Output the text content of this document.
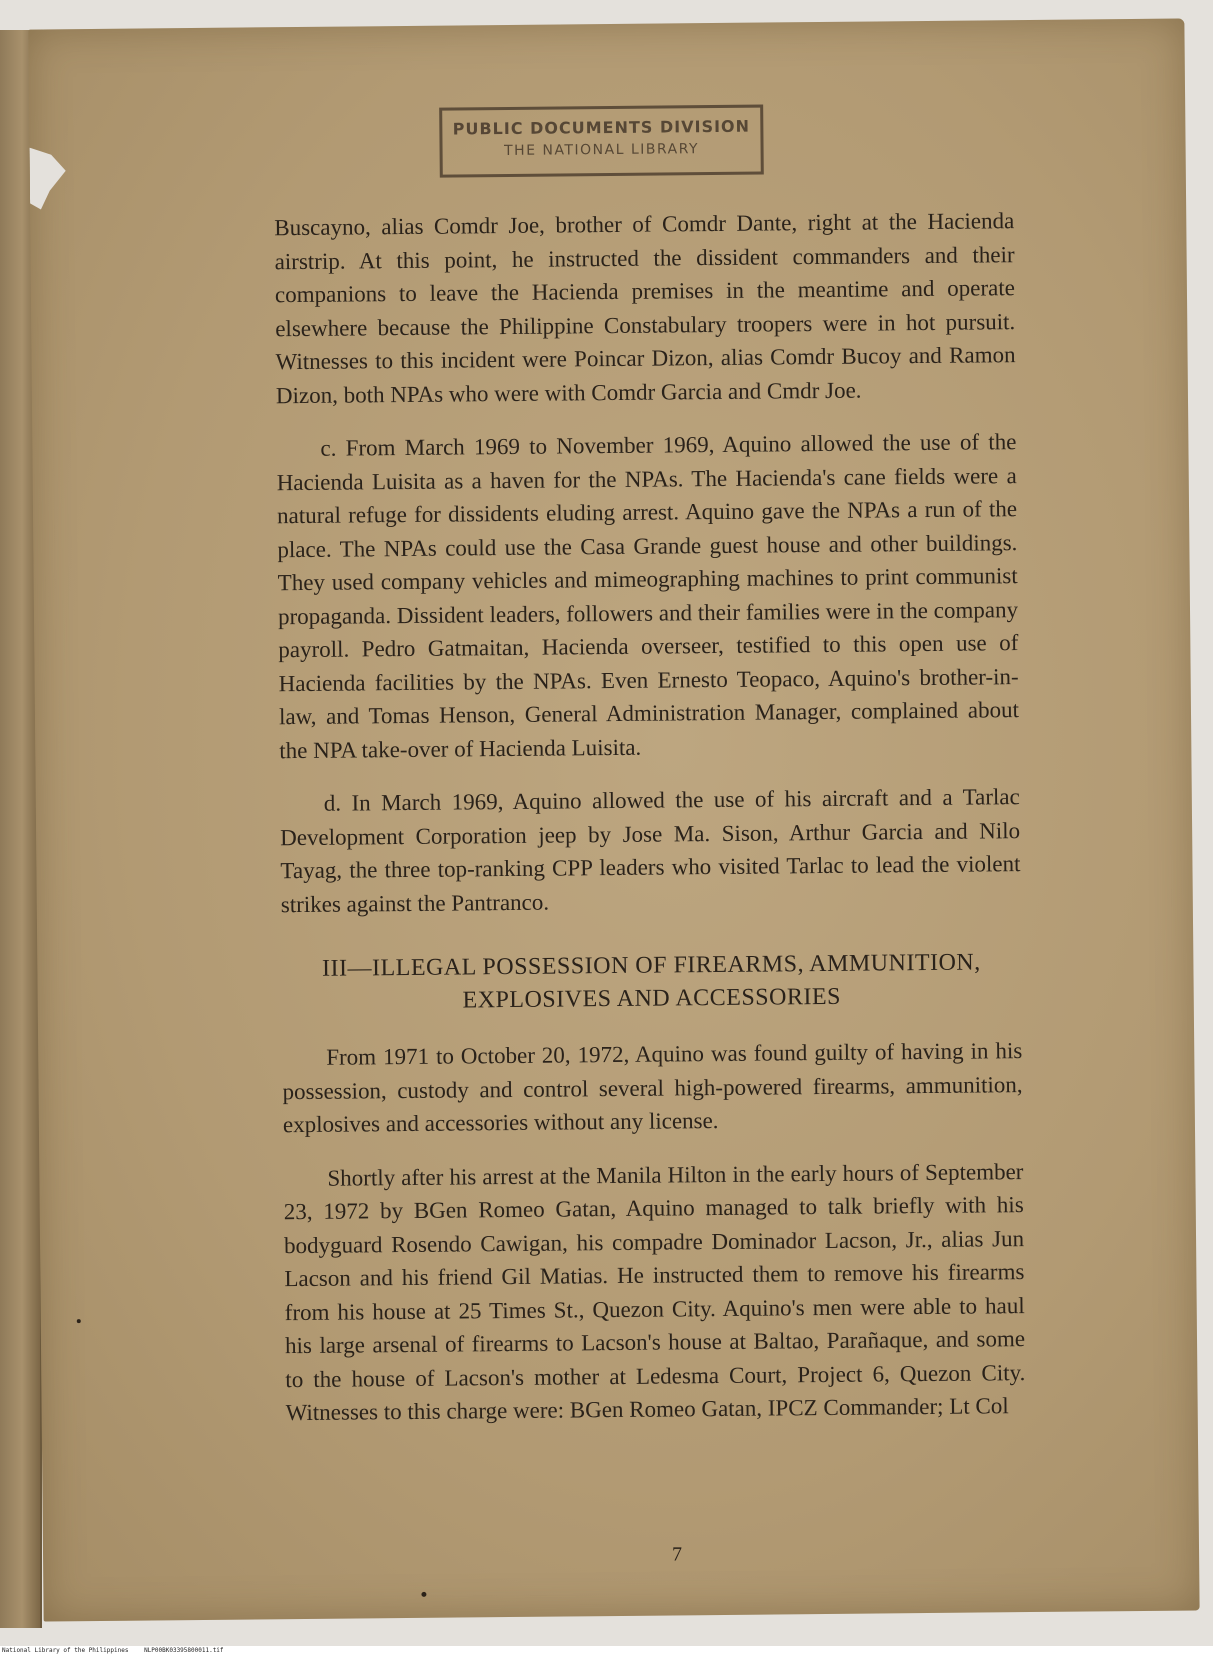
PUBLIC DOCUMENTS DIVISION
THE NATIONAL LIBRARY

Buscayno, alias Comdr Joe, brother of Comdr Dante, right at the Hacienda airstrip. At this point, he instructed the dissident commanders and their companions to leave the Hacienda premises in the meantime and operate elsewhere because the Philippine Constabulary troopers were in hot pursuit. Witnesses to this incident were Poincar Dizon, alias Comdr Bucoy and Ramon Dizon, both NPAs who were with Comdr Garcia and Cmdr Joe.

c. From March 1969 to November 1969, Aquino allowed the use of the Hacienda Luisita as a haven for the NPAs. The Hacienda's cane fields were a natural refuge for dissidents eluding arrest. Aquino gave the NPAs a run of the place. The NPAs could use the Casa Grande guest house and other buildings. They used company vehicles and mimeographing machines to print communist propaganda. Dissident leaders, followers and their families were in the company payroll. Pedro Gatmaitan, Hacienda overseer, testified to this open use of Hacienda facilities by the NPAs. Even Ernesto Teopaco, Aquino's brother-in-law, and Tomas Henson, General Administration Manager, complained about the NPA take-over of Hacienda Luisita.

d. In March 1969, Aquino allowed the use of his aircraft and a Tarlac Development Corporation jeep by Jose Ma. Sison, Arthur Garcia and Nilo Tayag, the three top-ranking CPP leaders who visited Tarlac to lead the violent strikes against the Pantranco.

III—ILLEGAL POSSESSION OF FIREARMS, AMMUNITION, EXPLOSIVES AND ACCESSORIES

From 1971 to October 20, 1972, Aquino was found guilty of having in his possession, custody and control several high-powered firearms, ammunition, explosives and accessories without any license.

Shortly after his arrest at the Manila Hilton in the early hours of September 23, 1972 by BGen Romeo Gatan, Aquino managed to talk briefly with his bodyguard Rosendo Cawigan, his compadre Dominador Lacson, Jr., alias Jun Lacson and his friend Gil Matias. He instructed them to remove his firearms from his house at 25 Times St., Quezon City. Aquino's men were able to haul his large arsenal of firearms to Lacson's house at Baltao, Parañaque, and some to the house of Lacson's mother at Ledesma Court, Project 6, Quezon City. Witnesses to this charge were: BGen Romeo Gatan, IPCZ Commander; Lt Col

7
National Library of the Philippines	NLP00BK03395800011.tif
